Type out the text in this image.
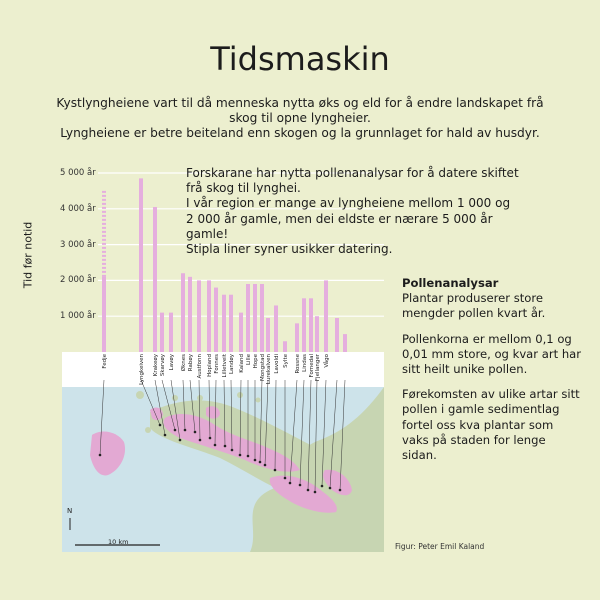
Fedje	Lyngkeiven Krakeøy Skarvøy Lavøy Øknes Rabøy Austfonn Hopland Fonnes Lilletveit Landøy Kaland Lille Hope Mongstad Lurekalven Lavoldi Sylte Rossne Lindas Fomedal Fjellanger Vågo
Tidsmaskin
Kystlyngheiene vart til då menneska nytta øks og eld for å endre landskapet frå
skog til opne lyngheier.
Lyngheiene er betre beiteland enn skogen og la grunnlaget for hald av husdyr.
Tid før notid
5 000 år
4 000 år
3 000 år
2 000 år
1 000 år
Forskarane har nytta pollenanalysar for å datere skiftet
frå skog til lynghei.
I vår region er mange av lyngheiene mellom 1 000 og
2 000 år gamle, men dei eldste er nærare 5 000 år
gamle!
Stipla liner syner usikker datering.
Pollenanalysar

Plantar produserer store mengder pollen kvart år.

Pollenkorna er mellom 0,1 og 0,01 mm store, og kvar art har sitt heilt unike pollen.

Førekomsten av ulike artar sitt pollen i gamle sedimentlag fortel oss kva plantar som vaks på staden for lenge sidan.

10 km
N
Figur: Peter Emil Kaland
